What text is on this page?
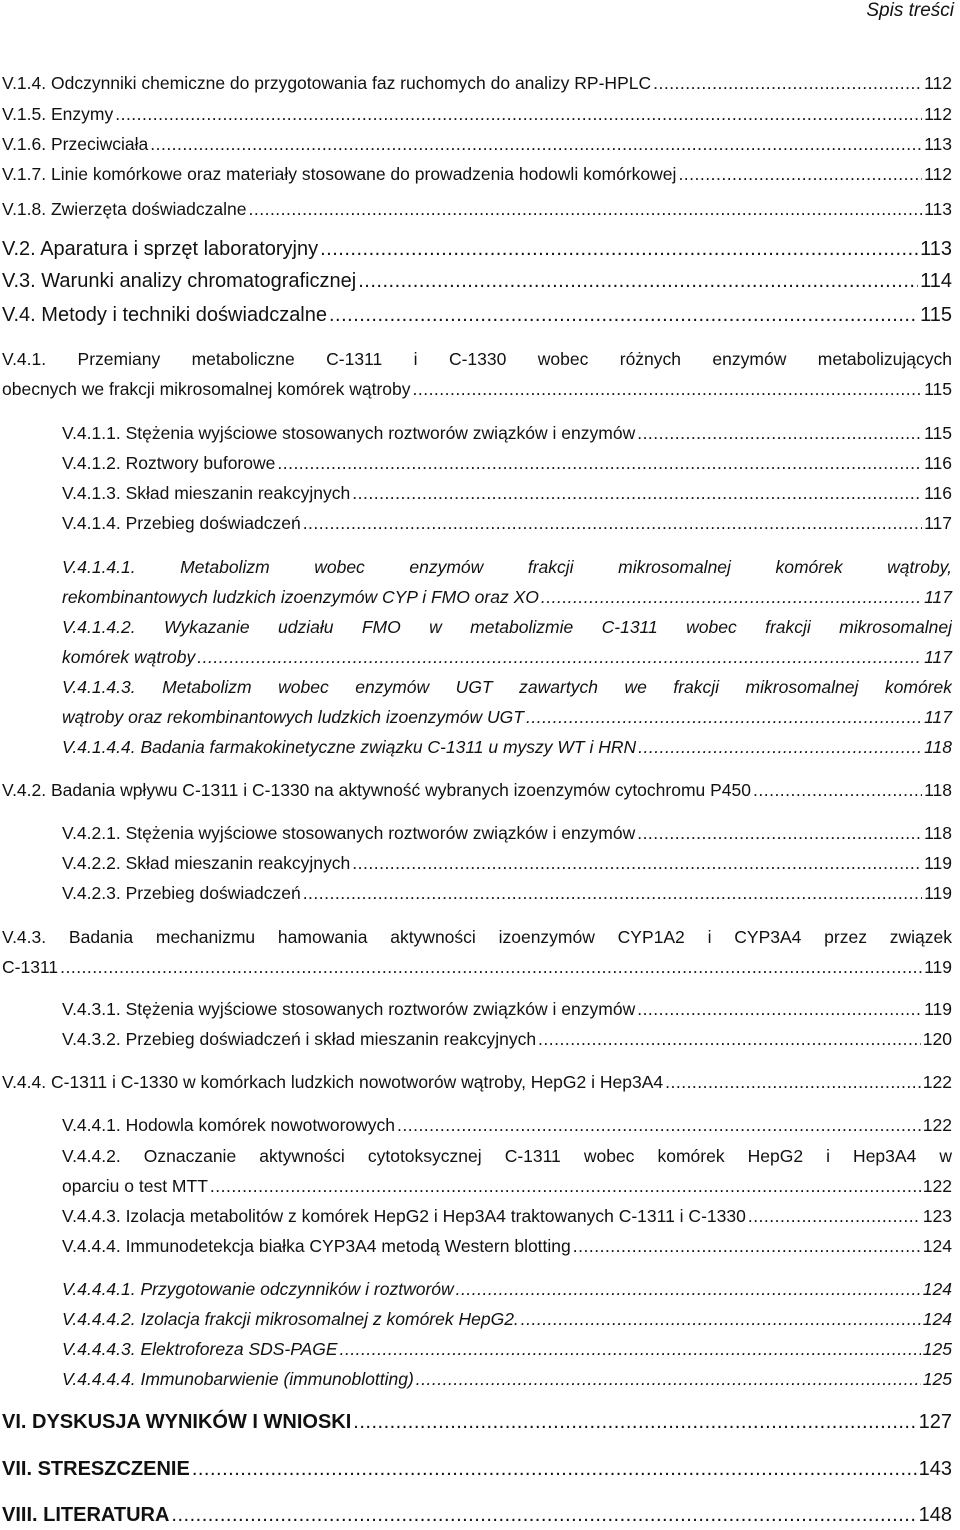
Spis treści
V.1.4. Odczynniki chemiczne do przygotowania faz ruchomych do analizy RP-HPLC .....	112
V.1.5. Enzymy .....	112
V.1.6. Przeciwciała .....	113
V.1.7. Linie komórkowe oraz materiały stosowane do prowadzenia hodowli komórkowej .....	112
V.1.8. Zwierzęta doświadczalne .....	113
V.2. Aparatura i sprzęt laboratoryjny .....	113
V.3. Warunki analizy chromatograficznej .....	114
V.4. Metody i techniki doświadczalne .....	115
V.4.1. Przemiany metaboliczne C-1311 i C-1330 wobec różnych enzymów metabolizujących
obecnych we frakcji mikrosomalnej komórek wątroby .....	115
V.4.1.1. Stężenia wyjściowe stosowanych roztworów związków i enzymów .....	115
V.4.1.2. Roztwory buforowe .....	116
V.4.1.3. Skład mieszanin reakcyjnych .....	116
V.4.1.4. Przebieg doświadczeń .....	117
V.4.1.4.1. Metabolizm wobec enzymów frakcji mikrosomalnej komórek wątroby,
rekombinantowych ludzkich izoenzymów CYP i FMO oraz XO .....	117
V.4.1.4.2. Wykazanie udziału FMO w metabolizmie C-1311 wobec frakcji mikrosomalnej
komórek wątroby .....	117
V.4.1.4.3. Metabolizm wobec enzymów UGT zawartych we frakcji mikrosomalnej komórek
wątroby oraz rekombinantowych ludzkich izoenzymów UGT .....	117
V.4.1.4.4. Badania farmakokinetyczne związku C-1311 u myszy WT i HRN .....	118
V.4.2. Badania wpływu C-1311 i C-1330 na aktywność wybranych izoenzymów cytochromu P450 .....	118
V.4.2.1. Stężenia wyjściowe stosowanych roztworów związków i enzymów .....	118
V.4.2.2. Skład mieszanin reakcyjnych .....	119
V.4.2.3. Przebieg doświadczeń .....	119
V.4.3. Badania mechanizmu hamowania aktywności izoenzymów CYP1A2 i CYP3A4 przez związek
C-1311 .....	119
V.4.3.1. Stężenia wyjściowe stosowanych roztworów związków i enzymów .....	119
V.4.3.2. Przebieg doświadczeń i skład mieszanin reakcyjnych .....	120
V.4.4. C-1311 i C-1330 w komórkach ludzkich nowotworów wątroby, HepG2 i Hep3A4 .....	122
V.4.4.1. Hodowla komórek nowotworowych .....	122
V.4.4.2. Oznaczanie aktywności cytotoksycznej C-1311 wobec komórek HepG2 i Hep3A4 w
oparciu o test MTT .....	122
V.4.4.3. Izolacja metabolitów z komórek HepG2 i Hep3A4 traktowanych C-1311 i C-1330 .....	123
V.4.4.4. Immunodetekcja białka CYP3A4 metodą Western blotting .....	124
V.4.4.4.1. Przygotowanie odczynników i roztworów .....	124
V.4.4.4.2. Izolacja frakcji mikrosomalnej z komórek HepG2. .....	124
V.4.4.4.3. Elektroforeza SDS-PAGE .....	125
V.4.4.4.4. Immunobarwienie (immunoblotting) .....	125
VI. DYSKUSJA WYNIKÓW I WNIOSKI .....	127
VII. STRESZCZENIE .....	143
VIII. LITERATURA .....	148
